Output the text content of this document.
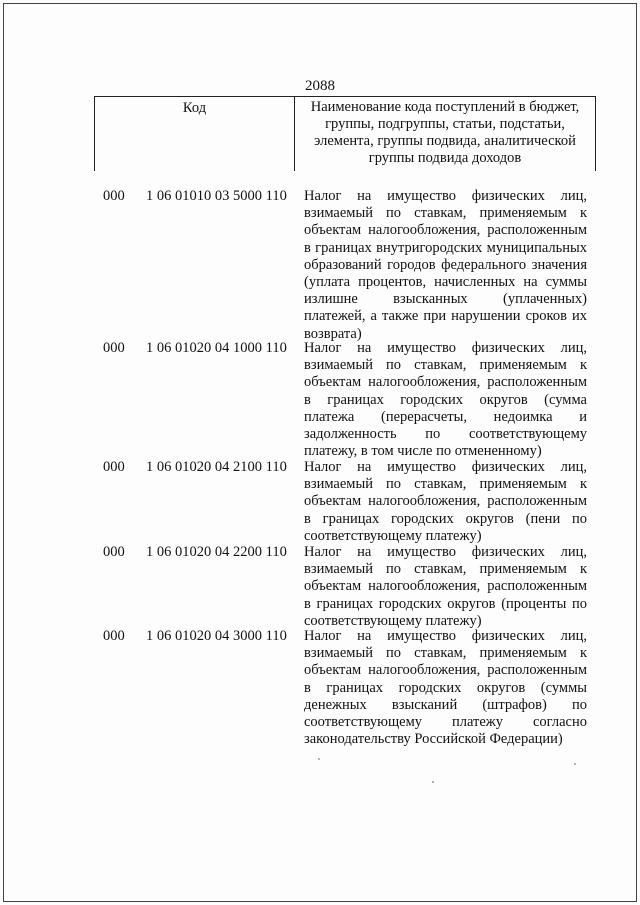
2088
Код	Наименование кода поступлений в бюджет, группы, подгруппы, статьи, подстатьи, элемента, группы подвида, аналитической группы подвида доходов
000 1 06 01010 03 5000 110 Налог на имущество физических лиц, взимаемый по ставкам, применяемым к объектам налогообложения, расположенным в границах внутригородских муниципальных образований городов федерального значения (уплата процентов, начисленных на суммы излишне взысканных (уплаченных) платежей, а также при нарушении сроков их возврата)
000 1 06 01020 04 1000 110 Налог на имущество физических лиц, взимаемый по ставкам, применяемым к объектам налогообложения, расположенным в границах городских округов (сумма платежа (перерасчеты, недоимка и задолженность по соответствующему платежу, в том числе по отмененному)
000 1 06 01020 04 2100 110 Налог на имущество физических лиц, взимаемый по ставкам, применяемым к объектам налогообложения, расположенным в границах городских округов (пени по соответствующему платежу)
000 1 06 01020 04 2200 110 Налог на имущество физических лиц, взимаемый по ставкам, применяемым к объектам налогообложения, расположенным в границах городских округов (проценты по соответствующему платежу)
000 1 06 01020 04 3000 110 Налог на имущество физических лиц, взимаемый по ставкам, применяемым к объектам налогообложения, расположенным в границах городских округов (суммы денежных взысканий (штрафов) по соответствующему платежу согласно законодательству Российской Федерации)
